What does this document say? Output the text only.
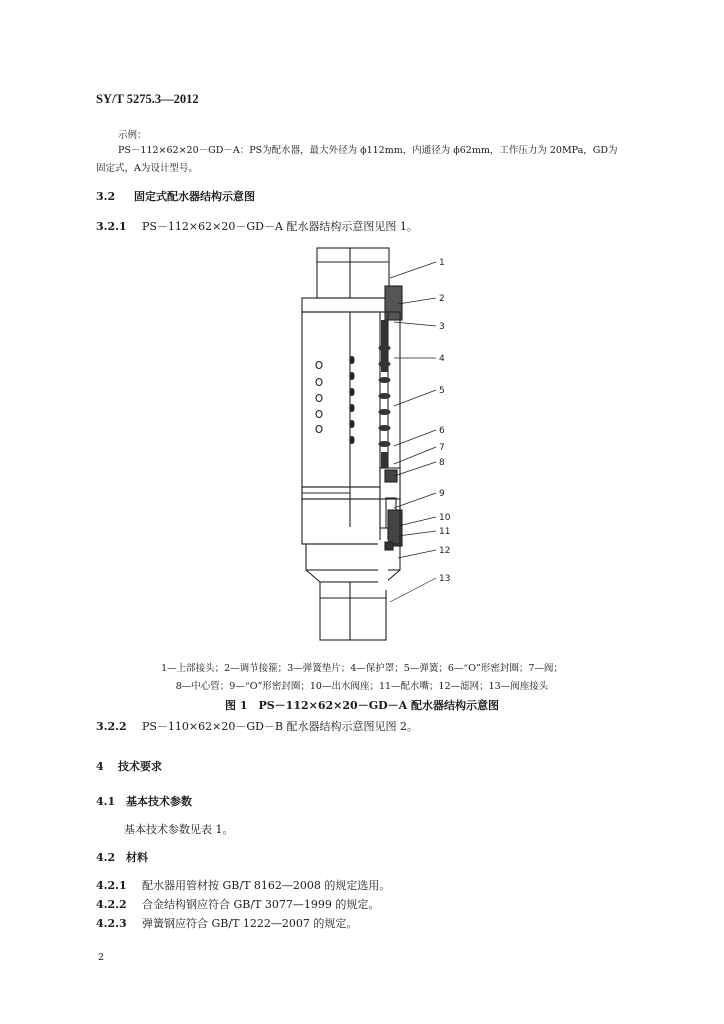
SY/T 5275.3—2012
示例：
PS－112×62×20－GD－A：PS为配水器，最大外径为 ϕ112mm，内通径为 ϕ62mm，工作压力为 20MPa，GD为
固定式，A为设计型号。
3.2 固定式配水器结构示意图
3.2.1 PS－112×62×20－GD－A 配水器结构示意图见图 1。
1
2
3
4
5
6
7
8
9
10
11
12
13
1—上部接头；2—调节接箍；3—弹簧垫片；4—保护罩；5—弹簧；6—“O”形密封圈；7—阀；
8—中心管；9—“O”形密封圈；10—出水阀座；11—配水嘴；12—滤网；13—阀座接头
图 1　PS－112×62×20－GD－A 配水器结构示意图
3.2.2 PS－110×62×20－GD－B 配水器结构示意图见图 2。
4 技术要求
4.1 基本技术参数
基本技术参数见表 1。
4.2 材料
4.2.1 配水器用管材按 GB/T 8162—2008 的规定选用。
4.2.2 合金结构钢应符合 GB/T 3077—1999 的规定。
4.2.3 弹簧钢应符合 GB/T 1222—2007 的规定。
2
